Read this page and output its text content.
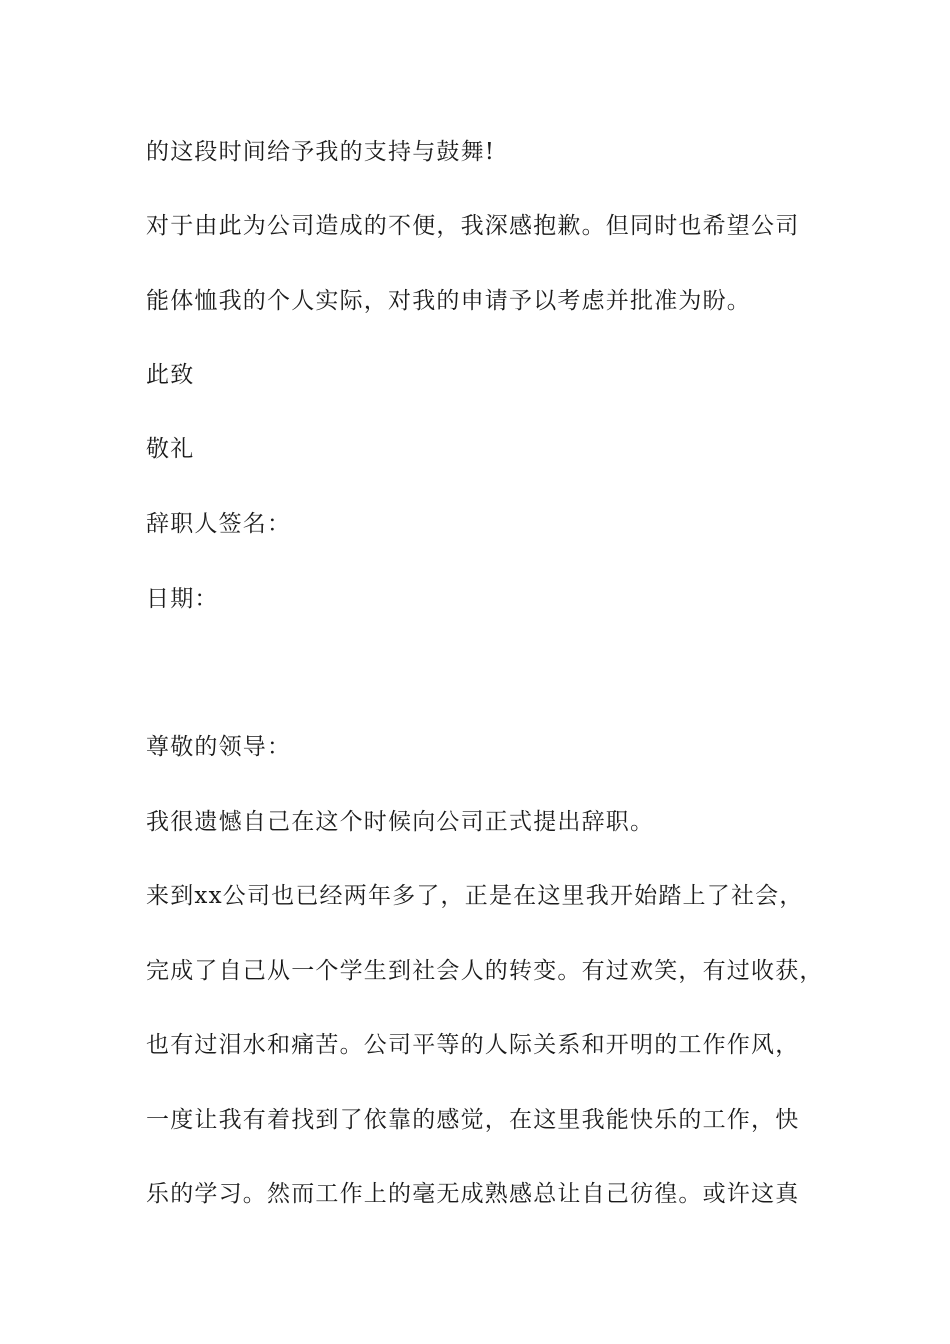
的这段时间给予我的支持与鼓舞!
对于由此为公司造成的不便，我深感抱歉。但同时也希望公司
能体恤我的个人实际，对我的申请予以考虑并批准为盼。
此致
敬礼
辞职人签名：
日期：
尊敬的领导：
我很遗憾自己在这个时候向公司正式提出辞职。
来到xx公司也已经两年多了，正是在这里我开始踏上了社会，
完成了自己从一个学生到社会人的转变。有过欢笑，有过收获，
也有过泪水和痛苦。公司平等的人际关系和开明的工作作风，
一度让我有着找到了依靠的感觉，在这里我能快乐的工作，快
乐的学习。然而工作上的毫无成熟感总让自己彷徨。或许这真
